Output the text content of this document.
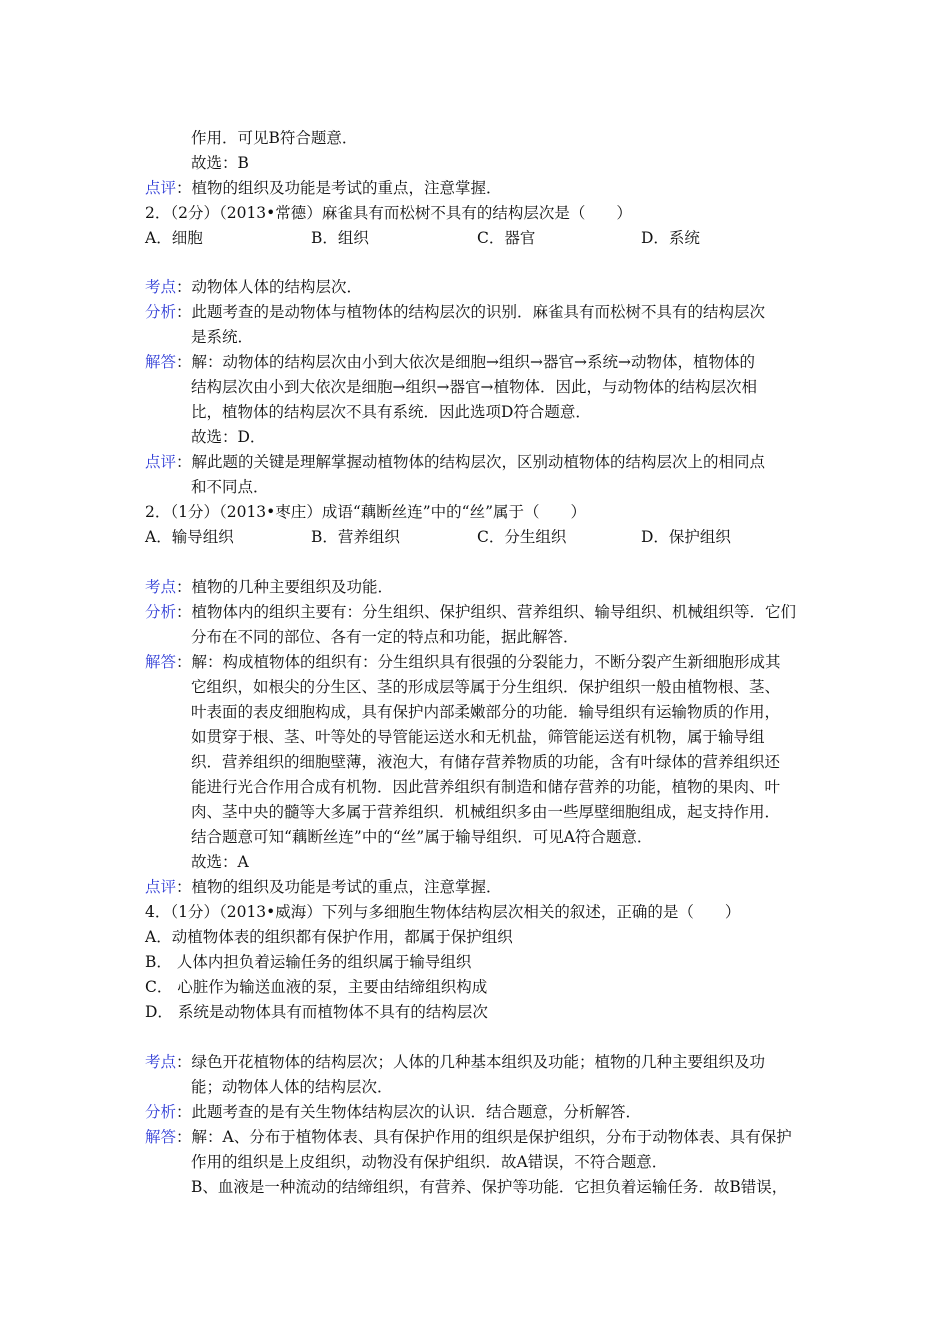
作用．可见B符合题意．
故选：B
点评：植物的组织及功能是考试的重点，注意掌握．
2．（2分）（2013•常德）麻雀具有而松树不具有的结构层次是（　　）
A．细胞	B．组织	C．器官	D．系统
考点：动物体人体的结构层次．
分析：此题考查的是动物体与植物体的结构层次的识别．麻雀具有而松树不具有的结构层次
是系统．
解答：解：动物体的结构层次由小到大依次是细胞→组织→器官→系统→动物体，植物体的
结构层次由小到大依次是细胞→组织→器官→植物体．因此，与动物体的结构层次相
比，植物体的结构层次不具有系统．因此选项D符合题意．
故选：D．
点评：解此题的关键是理解掌握动植物体的结构层次，区别动植物体的结构层次上的相同点
和不同点．
2．（1分）（2013•枣庄）成语“藕断丝连”中的“丝”属于（　　）
A．输导组织	B．营养组织	C．分生组织	D．保护组织
考点：植物的几种主要组织及功能．
分析：植物体内的组织主要有：分生组织、保护组织、营养组织、输导组织、机械组织等．它们
分布在不同的部位、各有一定的特点和功能，据此解答．
解答：解：构成植物体的组织有：分生组织具有很强的分裂能力，不断分裂产生新细胞形成其
它组织，如根尖的分生区、茎的形成层等属于分生组织．保护组织一般由植物根、茎、
叶表面的表皮细胞构成，具有保护内部柔嫩部分的功能．输导组织有运输物质的作用，
如贯穿于根、茎、叶等处的导管能运送水和无机盐，筛管能运送有机物，属于输导组
织．营养组织的细胞壁薄，液泡大，有储存营养物质的功能，含有叶绿体的营养组织还
能进行光合作用合成有机物．因此营养组织有制造和储存营养的功能，植物的果肉、叶
肉、茎中央的髓等大多属于营养组织．机械组织多由一些厚壁细胞组成，起支持作用．
结合题意可知“藕断丝连”中的“丝”属于输导组织．可见A符合题意．
故选：A
点评：植物的组织及功能是考试的重点，注意掌握．
4．（1分）（2013•威海）下列与多细胞生物体结构层次相关的叙述，正确的是（　　）
A．动植物体表的组织都有保护作用，都属于保护组织
B． 人体内担负着运输任务的组织属于输导组织
C． 心脏作为输送血液的泵，主要由结缔组织构成
D． 系统是动物体具有而植物体不具有的结构层次
考点：绿色开花植物体的结构层次；人体的几种基本组织及功能；植物的几种主要组织及功
能；动物体人体的结构层次．
分析：此题考查的是有关生物体结构层次的认识．结合题意，分析解答．
解答：解：A、分布于植物体表、具有保护作用的组织是保护组织，分布于动物体表、具有保护
作用的组织是上皮组织，动物没有保护组织．故A错误，不符合题意．
B、血液是一种流动的结缔组织，有营养、保护等功能．它担负着运输任务．故B错误，
